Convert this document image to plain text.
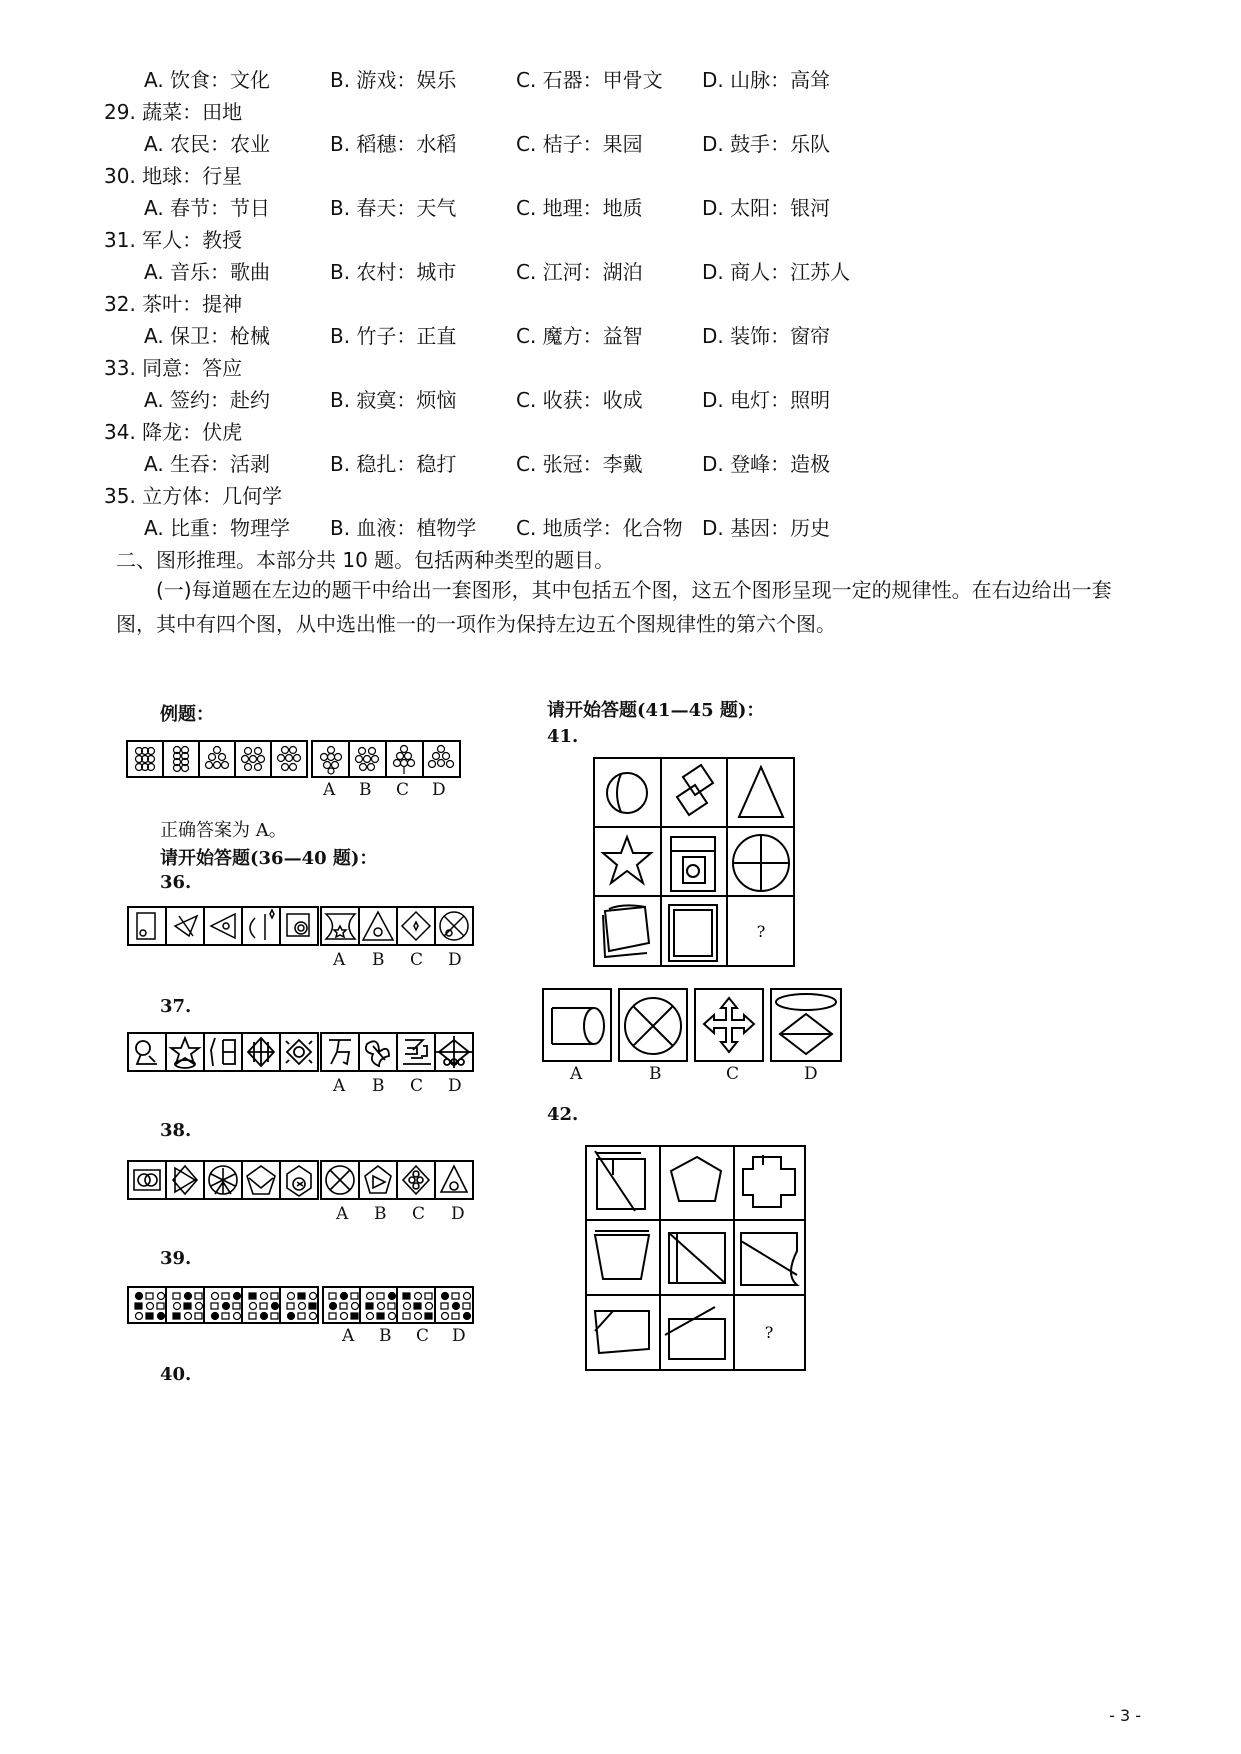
A. 饮食：文化	B. 游戏：娱乐	C. 石器：甲骨文 D. 山脉：高耸
29. 蔬菜：田地
A. 农民：农业	B. 稻穗：水稻	C. 桔子：果园	D. 鼓手：乐队
30. 地球：行星
A. 春节：节日	B. 春天：天气	C. 地理：地质	D. 太阳：银河
31. 军人：教授
A. 音乐：歌曲	B. 农村：城市	C. 江河：湖泊	D. 商人：江苏人
32. 茶叶：提神
A. 保卫：枪械	B. 竹子：正直	C. 魔方：益智	D. 装饰：窗帘
33. 同意：答应
A. 签约：赴约	B. 寂寞：烦恼	C. 收获：收成	D. 电灯：照明
34. 降龙：伏虎
A. 生吞：活剥	B. 稳扎：稳打	C. 张冠：李戴	D. 登峰：造极
35. 立方体：几何学
A. 比重：物理学 B. 血液：植物学 C. 地质学：化合物 D. 基因：历史
二、图形推理。本部分共 10 题。包括两种类型的题目。
(一)每道题在左边的题干中给出一套图形，其中包括五个图，这五个图形呈现一定的规律性。在右边给出一套图，其中有四个图，从中选出惟一的一项作为保持左边五个图规律性的第六个图。
例题：
A B C D
正确答案为 A。
请开始答题(36—40 题)：
36.
A B C D
37.
A B C D
38.
A B C D
39.
A B C D
40.
请开始答题(41—45 题)：
41.
?
A	B	C	D
42.
?
- 3 -
